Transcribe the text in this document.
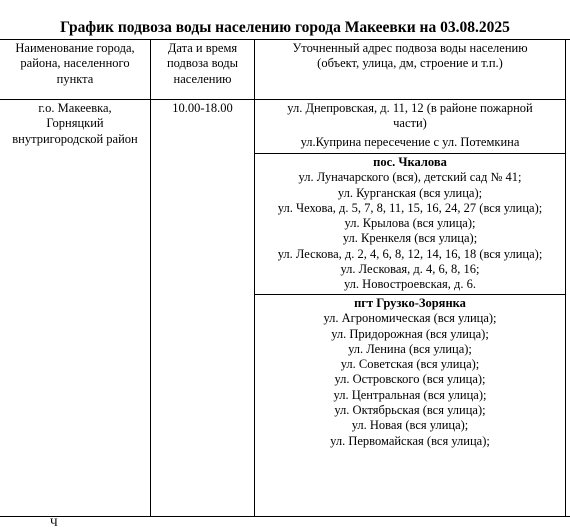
График подвоза воды населению города Макеевки на 03.08.2025
Наименование города,
района, населенного
пункта
Дата и время
подвоза воды
населению
Уточненный адрес подвоза воды населению
(объект, улица, дм, строение и т.п.)
г.о. Макеевка,
Горняцкий
внутригородской район
10.00-18.00	ул. Днепровская, д. 11, 12 (в районе пожарной
части)
ул.Куприна пересечение с ул. Потемкина
пос. Чкалова
ул. Луначарского (вся), детский сад № 41;
ул. Курганская (вся улица);
ул. Чехова, д. 5, 7, 8, 11, 15, 16, 24, 27 (вся улица);
ул. Крылова (вся улица);
ул. Кренкеля (вся улица);
ул. Лескова, д. 2, 4, 6, 8, 12, 14, 16, 18 (вся улица);
ул. Лесковая, д. 4, 6, 8, 16;
ул. Новостроевская, д. 6.
пгт Грузко-Зорянка
ул. Агрономическая (вся улица);
ул. Придорожная (вся улица);
ул. Ленина (вся улица);
ул. Советская (вся улица);
ул. Островского (вся улица);
ул. Центральная (вся улица);
ул. Октябрьская (вся улица);
ул. Новая (вся улица);
ул. Первомайская (вся улица);
Ч
